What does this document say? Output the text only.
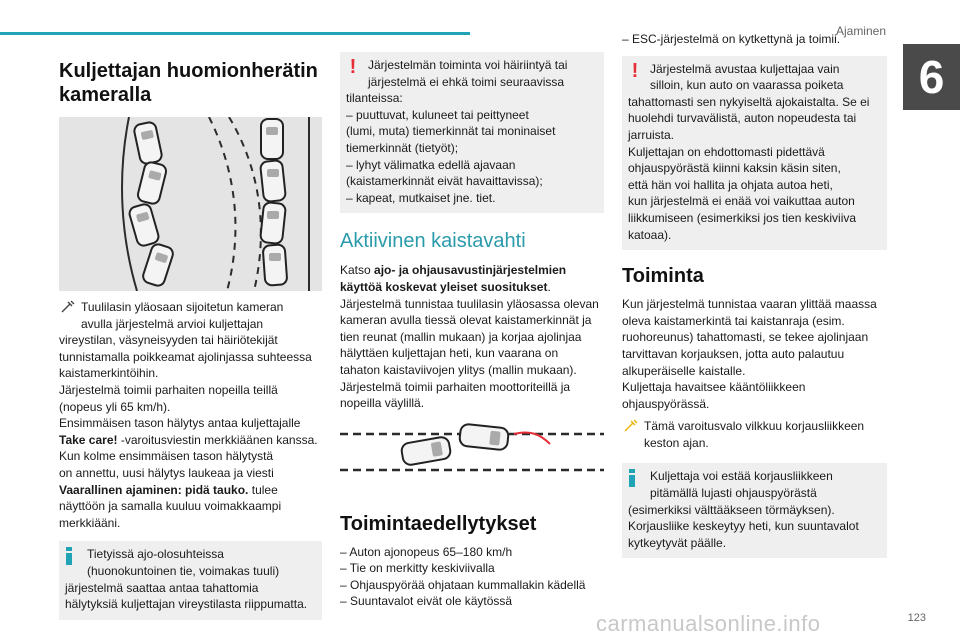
Ajaminen
6
Kuljettajan huomionherätin kameralla

Tuulilasin yläosaan sijoitetun kameran

avulla järjestelmä arvioi kuljettajan

vireystilan, väsyneisyyden tai häiriötekijät

tunnistamalla poikkeamat ajolinjassa suhteessa

kaistamerkintöihin.

Järjestelmä toimii parhaiten nopeilla teillä

(nopeus yli 65 km/h).

Ensimmäisen tason hälytys antaa kuljettajalle

Take care! -varoitusviestin merkkiäänen kanssa.

Kun kolme ensimmäisen tason hälytystä

on annettu, uusi hälytys laukeaa ja viesti

Vaarallinen ajaminen: pidä tauko. tulee

näyttöön ja samalla kuuluu voimakkaampi

merkkiääni.

Tietyissä ajo-olosuhteissa

(huonokuntoinen tie, voimakas tuuli)

järjestelmä saattaa antaa tahattomia

hälytyksiä kuljettajan vireystilasta riippumatta.

! Järjestelmän toiminta voi häiriintyä tai

järjestelmä ei ehkä toimi seuraavissa

tilanteissa:

– puuttuvat, kuluneet tai peittyneet

(lumi, muta) tiemerkinnät tai moninaiset

tiemerkinnät (tietyöt);

– lyhyt välimatka edellä ajavaan

(kaistamerkinnät eivät havaittavissa);

– kapeat, mutkaiset jne. tiet.

Aktiivinen kaistavahti

Katso ajo- ja ohjausavustinjärjestelmien

käyttöä koskevat yleiset suositukset.

Järjestelmä tunnistaa tuulilasin yläosassa olevan

kameran avulla tiessä olevat kaistamerkinnät ja

tien reunat (mallin mukaan) ja korjaa ajolinjaa

hälyttäen kuljettajan heti, kun vaarana on

tahaton kaistaviivojen ylitys (mallin mukaan).

Järjestelmä toimii parhaiten moottoriteillä ja

nopeilla väylillä.

Toimintaedellytykset

– Auton ajonopeus 65–180 km/h

– Tie on merkitty keskiviivalla

– Ohjauspyörää ohjataan kummallakin kädellä

– Suuntavalot eivät ole käytössä

– ESC-järjestelmä on kytkettynä ja toimii.

! Järjestelmä avustaa kuljettajaa vain

silloin, kun auto on vaarassa poiketa

tahattomasti sen nykyiseltä ajokaistalta. Se ei

huolehdi turvavälistä, auton nopeudesta tai

jarruista.

Kuljettajan on ehdottomasti pidettävä

ohjauspyörästä kiinni kaksin käsin siten,

että hän voi hallita ja ohjata autoa heti,

kun järjestelmä ei enää voi vaikuttaa auton

liikkumiseen (esimerkiksi jos tien keskiviiva

katoaa).

Toiminta

Kun järjestelmä tunnistaa vaaran ylittää maassa

oleva kaistamerkintä tai kaistanraja (esim.

ruohoreunus) tahattomasti, se tekee ajolinjaan

tarvittavan korjauksen, jotta auto palautuu

alkuperäiselle kaistalle.

Kuljettaja havaitsee kääntöliikkeen

ohjauspyörässä.

Tämä varoitusvalo vilkkuu korjausliikkeen

keston ajan.

Kuljettaja voi estää korjausliikkeen

pitämällä lujasti ohjauspyörästä

(esimerkiksi välttääkseen törmäyksen).

Korjausliike keskeytyy heti, kun suuntavalot

kytkeytyvät päälle.

carmanualsonline.info	123
